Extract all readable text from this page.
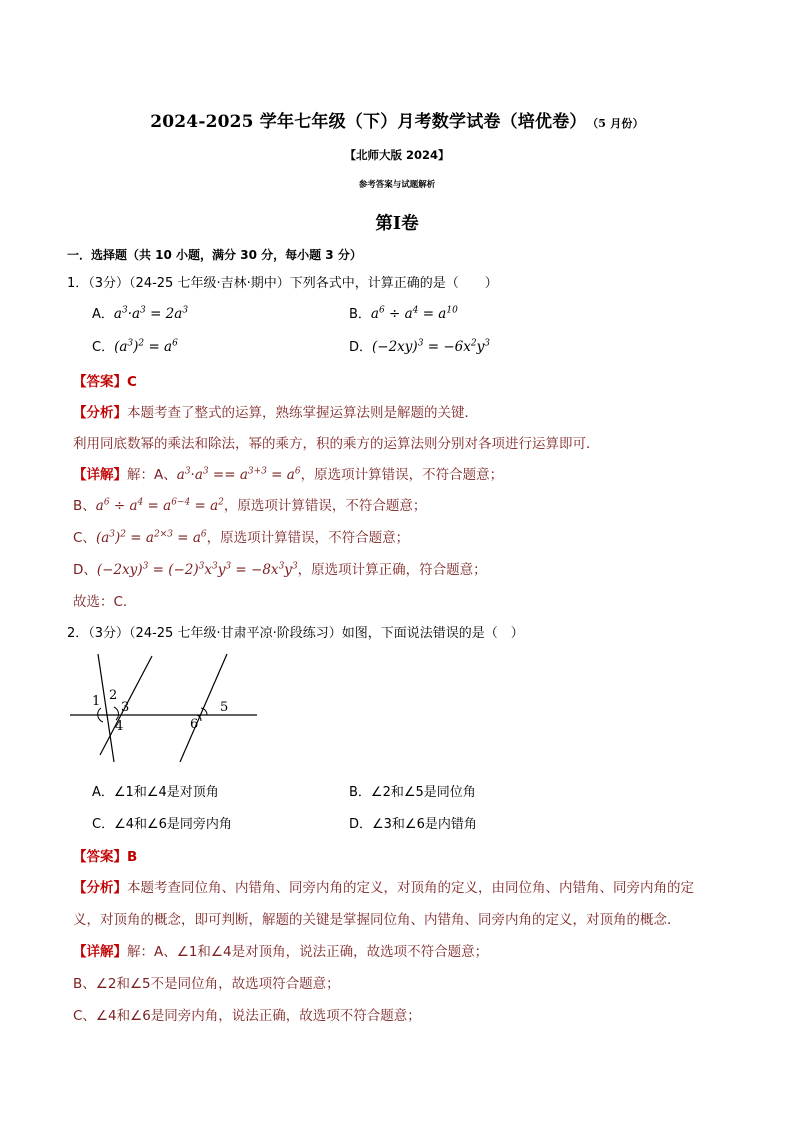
2024-2025 学年七年级（下）月考数学试卷（培优卷） （5 月份）
【北师大版 2024】
参考答案与试题解析
第Ⅰ卷
一．选择题（共 10 小题，满分 30 分，每小题 3 分）
1．（3分）（24-25 七年级·吉林·期中）下列各式中，计算正确的是（　　）
A．$a^3\cdot a^3 = 2a^3$	B．$a^6 \div a^4 = a^{10}$
C．$(a^3)^2 = a^6$	D．$(-2xy)^3 = -6x^2y^3$
【答案】C
【分析】本题考查了整式的运算，熟练掌握运算法则是解题的关键．
利用同底数幂的乘法和除法，幂的乘方，积的乘方的运算法则分别对各项进行运算即可．
【详解】解：A、$a^3\cdot a^3 == a^{3+3} = a^6$，原选项计算错误，不符合题意；
B、$a^6 \div a^4 = a^{6-4} = a^2$，原选项计算错误，不符合题意；
C、$(a^3)^2 = a^{2\times 3} = a^6$，原选项计算错误，不符合题意；
D、$(-2xy)^3 = (-2)^3x^3y^3 = -8x^3y^3$，原选项计算正确，符合题意；
故选：C．
2．（3分）（24-25 七年级·甘肃平凉·阶段练习）如图，下面说法错误的是（　）
1 2
3
4
5
6
A．∠1和∠4是对顶角	B．∠2和∠5是同位角
C．∠4和∠6是同旁内角	D．∠3和∠6是内错角
【答案】B
【分析】本题考查同位角、内错角、同旁内角的定义，对顶角的定义，由同位角、内错角、同旁内角的定
义，对顶角的概念，即可判断，解题的关键是掌握同位角、内错角、同旁内角的定义，对顶角的概念．
【详解】解：A、∠1和∠4是对顶角，说法正确，故选项不符合题意；
B、∠2和∠5不是同位角，故选项符合题意；
C、∠4和∠6是同旁内角，说法正确，故选项不符合题意；
